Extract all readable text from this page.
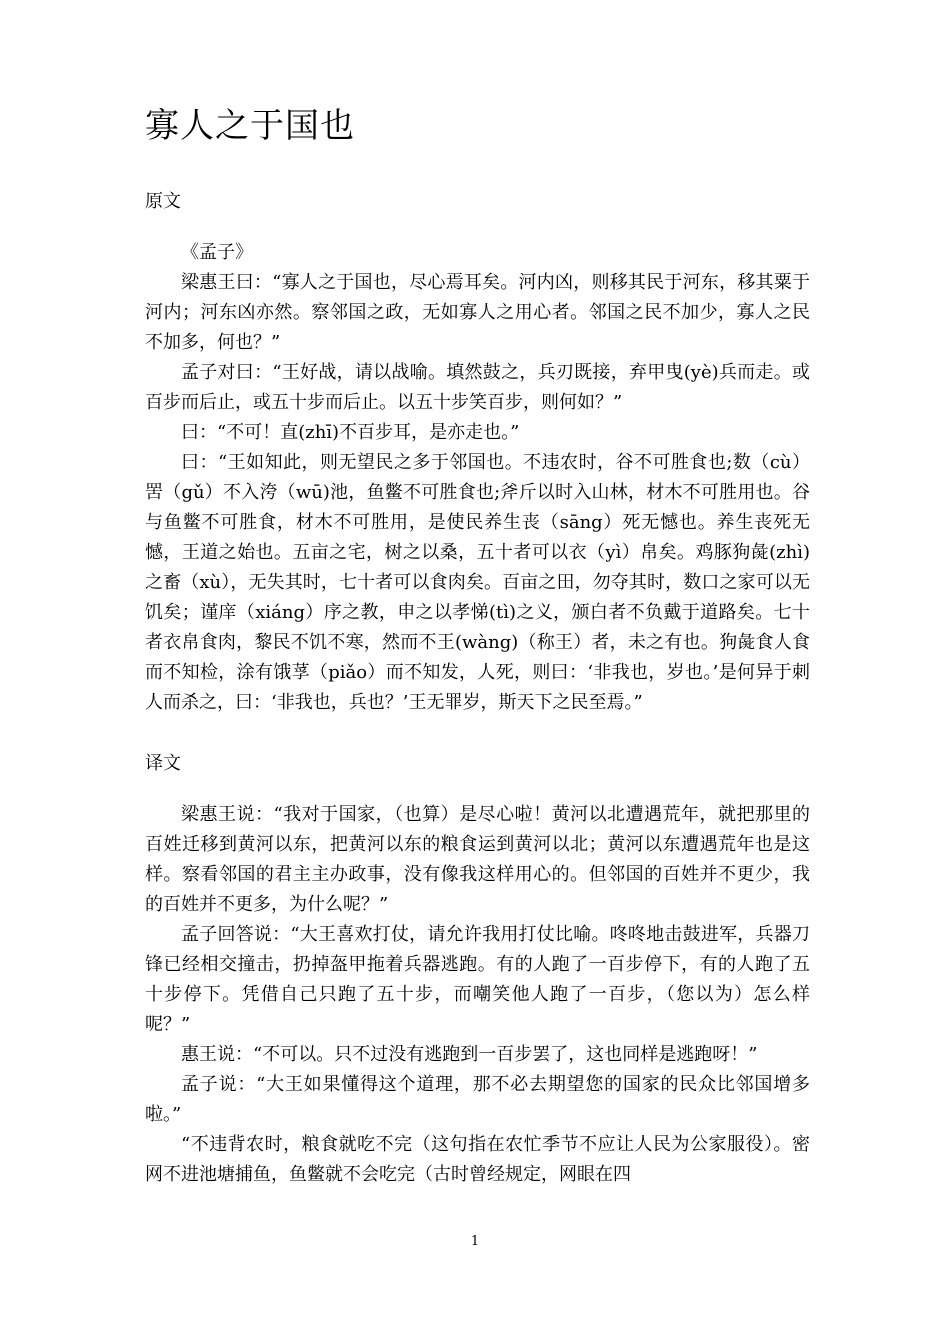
寡人之于国也
原文

《孟子》

梁惠王曰：“寡人之于国也，尽心焉耳矣。河内凶，则移其民于河东，移其粟于河内；河东凶亦然。察邻国之政，无如寡人之用心者。邻国之民不加少，寡人之民不加多，何也？”

孟子对曰：“王好战，请以战喻。填然鼓之，兵刃既接，弃甲曳(yè)兵而走。或百步而后止，或五十步而后止。以五十步笑百步，则何如？”

曰：“不可！直(zhī)不百步耳，是亦走也。”

曰：“王如知此，则无望民之多于邻国也。不违农时，谷不可胜食也;数（cù）罟（gǔ）不入洿（wū)池，鱼鳖不可胜食也;斧斤以时入山林，材木不可胜用也。谷与鱼鳖不可胜食，材木不可胜用，是使民养生丧（sāng）死无憾也。养生丧死无憾，王道之始也。五亩之宅，树之以桑，五十者可以衣（yì）帛矣。鸡豚狗彘(zhì)之畜（xù），无失其时，七十者可以食肉矣。百亩之田，勿夺其时，数口之家可以无饥矣；谨庠（xiáng）序之教，申之以孝悌(tì)之义，颁白者不负戴于道路矣。七十者衣帛食肉，黎民不饥不寒，然而不王(wàng)（称王）者，未之有也。狗彘食人食而不知检，涂有饿莩（piǎo）而不知发，人死，则曰：‘非我也，岁也。’是何异于刺人而杀之，曰：‘非我也，兵也？’王无罪岁，斯天下之民至焉。”

译文

梁惠王说：“我对于国家，（也算）是尽心啦！黄河以北遭遇荒年，就把那里的百姓迁移到黄河以东，把黄河以东的粮食运到黄河以北；黄河以东遭遇荒年也是这样。察看邻国的君主主办政事，没有像我这样用心的。但邻国的百姓并不更少，我的百姓并不更多，为什么呢？”

孟子回答说：“大王喜欢打仗，请允许我用打仗比喻。咚咚地击鼓进军，兵器刀锋已经相交撞击，扔掉盔甲拖着兵器逃跑。有的人跑了一百步停下，有的人跑了五十步停下。凭借自己只跑了五十步，而嘲笑他人跑了一百步，（您以为）怎么样呢？”

惠王说：“不可以。只不过没有逃跑到一百步罢了，这也同样是逃跑呀！”

孟子说：“大王如果懂得这个道理，那不必去期望您的国家的民众比邻国增多啦。”

“不违背农时，粮食就吃不完（这句指在农忙季节不应让人民为公家服役）。密网不进池塘捕鱼，鱼鳖就不会吃完（古时曾经规定，网眼在四

1
